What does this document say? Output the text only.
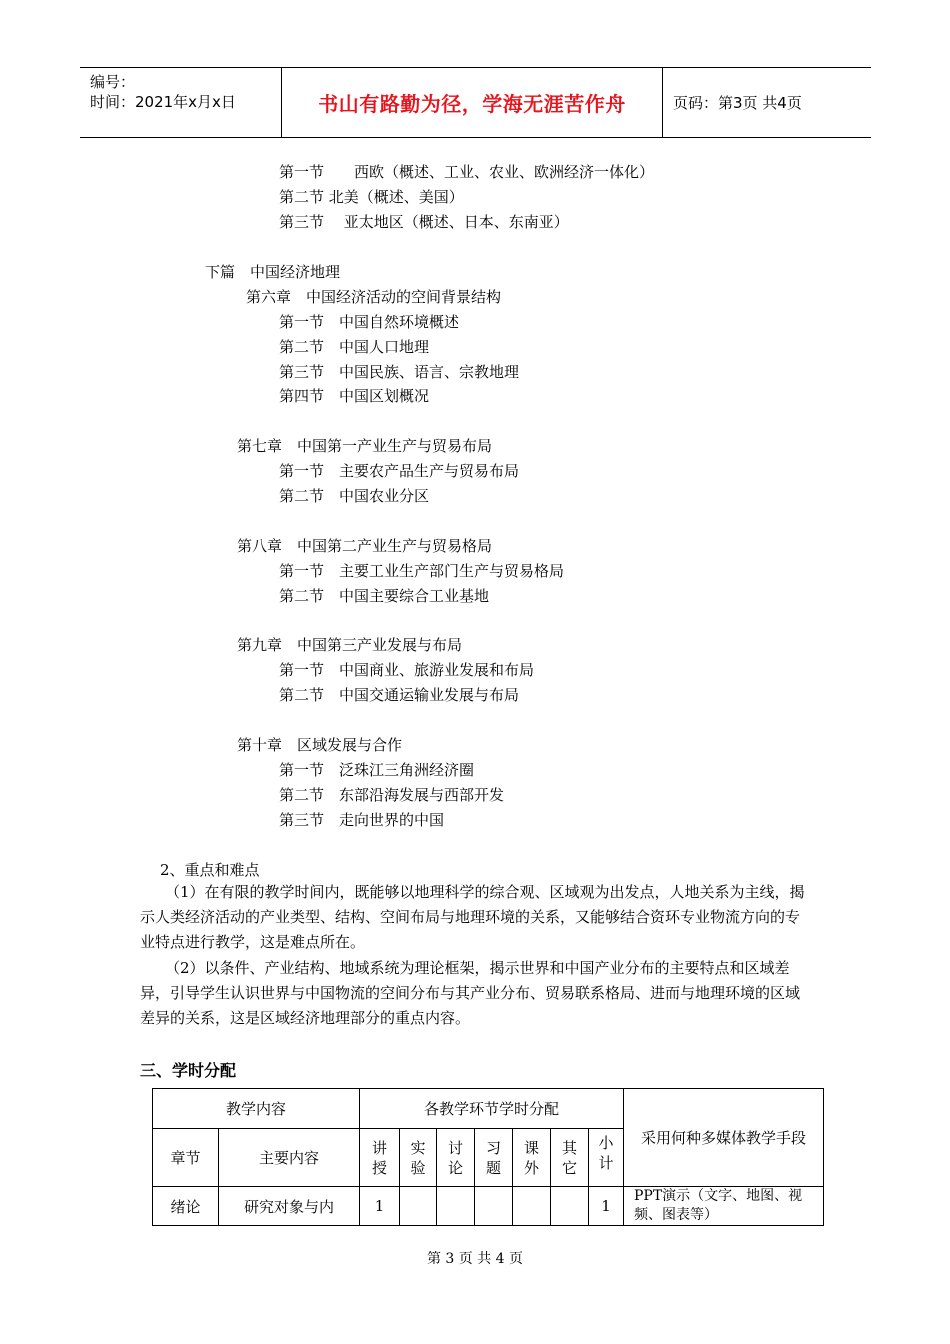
编号：
时间：2021年x月x日	书山有路勤为径，学海无涯苦作舟	页码：第3页 共4页
第一节　　西欧（概述、工业、农业、欧洲经济一体化）
第二节 北美（概述、美国）
第三节　 亚太地区（概述、日本、东南亚）
下篇　中国经济地理
第六章　中国经济活动的空间背景结构
第一节　中国自然环境概述
第二节　中国人口地理
第三节　中国民族、语言、宗教地理
第四节　中国区划概况
第七章　中国第一产业生产与贸易布局
第一节　主要农产品生产与贸易布局
第二节　中国农业分区
第八章　中国第二产业生产与贸易格局
第一节　主要工业生产部门生产与贸易格局
第二节　中国主要综合工业基地
第九章　中国第三产业发展与布局
第一节　中国商业、旅游业发展和布局
第二节　中国交通运输业发展与布局
第十章　区域发展与合作
第一节　泛珠江三角洲经济圈
第二节　东部沿海发展与西部开发
第三节　走向世界的中国
2、重点和难点
（1）在有限的教学时间内，既能够以地理科学的综合观、区域观为出发点，人地关系为主线，揭示人类经济活动的产业类型、结构、空间布局与地理环境的关系，又能够结合资环专业物流方向的专业特点进行教学，这是难点所在。
（2）以条件、产业结构、地域系统为理论框架，揭示世界和中国产业分布的主要特点和区域差异，引导学生认识世界与中国物流的空间分布与其产业分布、贸易联系格局、进而与地理环境的区域差异的关系，这是区域经济地理部分的重点内容。
三、学时分配
教学内容		各教学环节学时分配							采用何种多媒体教学手段
章节	主要内容	讲授	实验	讨论	习题	课外	其它	小计	
绪论	研究对象与内	1						1	PPT演示（文字、地图、视频、图表等）
第 3 页 共 4 页
